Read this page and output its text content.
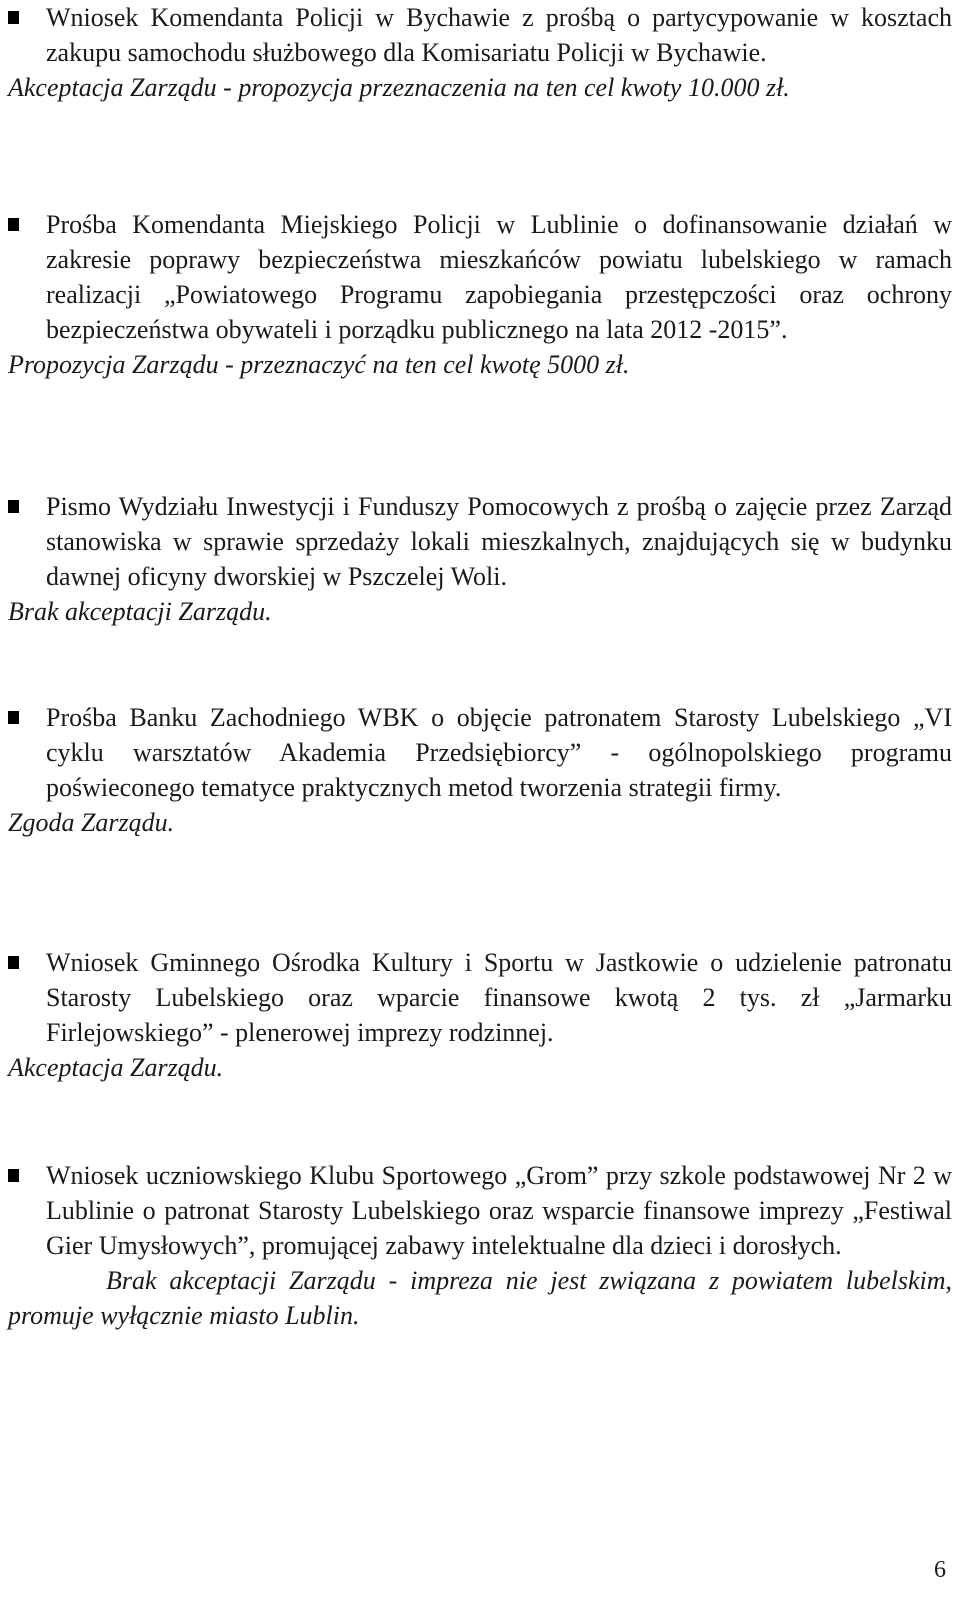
Wniosek Komendanta Policji w Bychawie z prośbą o partycypowanie w kosztach zakupu samochodu służbowego dla Komisariatu Policji w Bychawie.
Akceptacja Zarządu - propozycja przeznaczenia na ten cel kwoty 10.000 zł.
Prośba Komendanta Miejskiego Policji w Lublinie o dofinansowanie działań w zakresie poprawy bezpieczeństwa mieszkańców powiatu lubelskiego w ramach realizacji „Powiatowego Programu zapobiegania przestępczości oraz ochrony bezpieczeństwa obywateli i porządku publicznego na lata 2012 -2015”.
Propozycja Zarządu - przeznaczyć na ten cel kwotę 5000 zł.
Pismo Wydziału Inwestycji i Funduszy Pomocowych z prośbą o zajęcie przez Zarząd stanowiska w sprawie sprzedaży lokali mieszkalnych, znajdujących się w budynku dawnej oficyny dworskiej w Pszczelej Woli.
Brak akceptacji Zarządu.
Prośba Banku Zachodniego WBK o objęcie patronatem Starosty Lubelskiego „VI cyklu warsztatów Akademia Przedsiębiorcy” - ogólnopolskiego programu poświeconego tematyce praktycznych metod tworzenia strategii firmy.
Zgoda Zarządu.
Wniosek Gminnego Ośrodka Kultury i Sportu w Jastkowie o udzielenie patronatu Starosty Lubelskiego oraz wparcie finansowe kwotą 2 tys. zł „Jarmarku Firlejowskiego” - plenerowej imprezy rodzinnej.
Akceptacja Zarządu.
Wniosek uczniowskiego Klubu Sportowego „Grom” przy szkole podstawowej Nr 2 w Lublinie o patronat Starosty Lubelskiego oraz wsparcie finansowe imprezy „Festiwal Gier Umysłowych”, promującej zabawy intelektualne dla dzieci i dorosłych.
Brak akceptacji Zarządu - impreza nie jest związana z powiatem lubelskim, promuje wyłącznie miasto Lublin.
6
